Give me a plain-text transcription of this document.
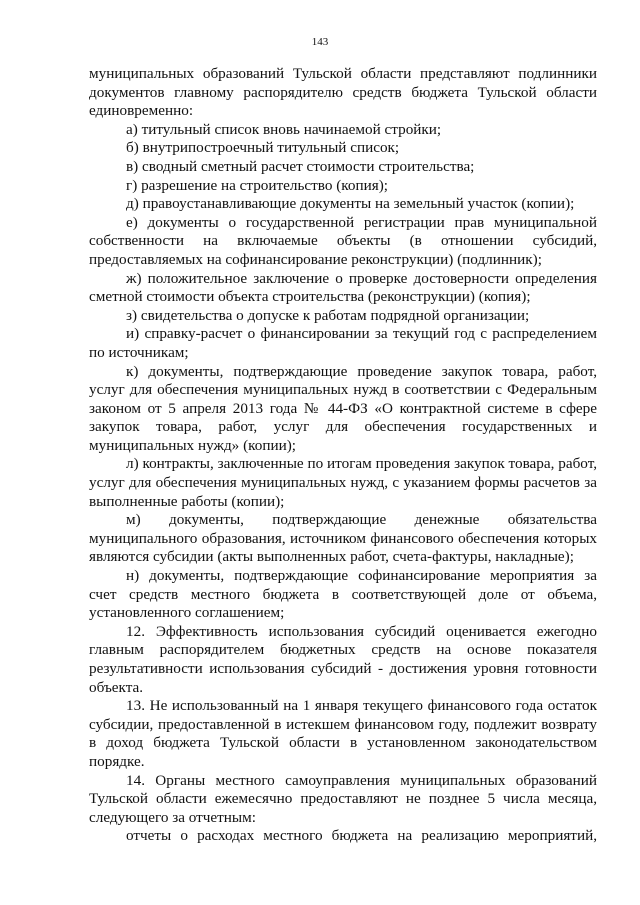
143

муниципальных образований Тульской области представляют подлинники документов главному распорядителю средств бюджета Тульской области единовременно:

а) титульный список вновь начинаемой стройки;

б) внутрипостроечный титульный список;

в) сводный сметный расчет стоимости строительства;

г) разрешение на строительство (копия);

д) правоустанавливающие документы на земельный участок (копии);

е) документы о государственной регистрации прав муниципальной собственности на включаемые объекты (в отношении субсидий, предоставляемых на софинансирование реконструкции) (подлинник);

ж) положительное заключение о проверке достоверности определения сметной стоимости объекта строительства (реконструкции) (копия);

з) свидетельства о допуске к работам подрядной организации;

и) справку-расчет о финансировании за текущий год с распределением по источникам;

к) документы, подтверждающие проведение закупок товара, работ, услуг для обеспечения муниципальных нужд в соответствии с Федеральным законом от 5 апреля 2013 года № 44-ФЗ «О контрактной системе в сфере закупок товара, работ, услуг для обеспечения государственных и муниципальных нужд» (копии);

л) контракты, заключенные по итогам проведения закупок товара, работ, услуг для обеспечения муниципальных нужд, с указанием формы расчетов за выполненные работы (копии);

м) документы, подтверждающие денежные обязательства муниципального образования, источником финансового обеспечения которых являются субсидии (акты выполненных работ, счета-фактуры, накладные);

н) документы, подтверждающие софинансирование мероприятия за счет средств местного бюджета в соответствующей доле от объема, установленного соглашением;

12. Эффективность использования субсидий оценивается ежегодно главным распорядителем бюджетных средств на основе показателя результативности использования субсидий - достижения уровня готовности объекта.

13. Не использованный на 1 января текущего финансового года остаток субсидии, предоставленной в истекшем финансовом году, подлежит возврату в доход бюджета Тульской области в установленном законодательством порядке.

14. Органы местного самоуправления муниципальных образований Тульской области ежемесячно предоставляют не позднее 5 числа месяца, следующего за отчетным:

отчеты о расходах местного бюджета на реализацию мероприятий,
